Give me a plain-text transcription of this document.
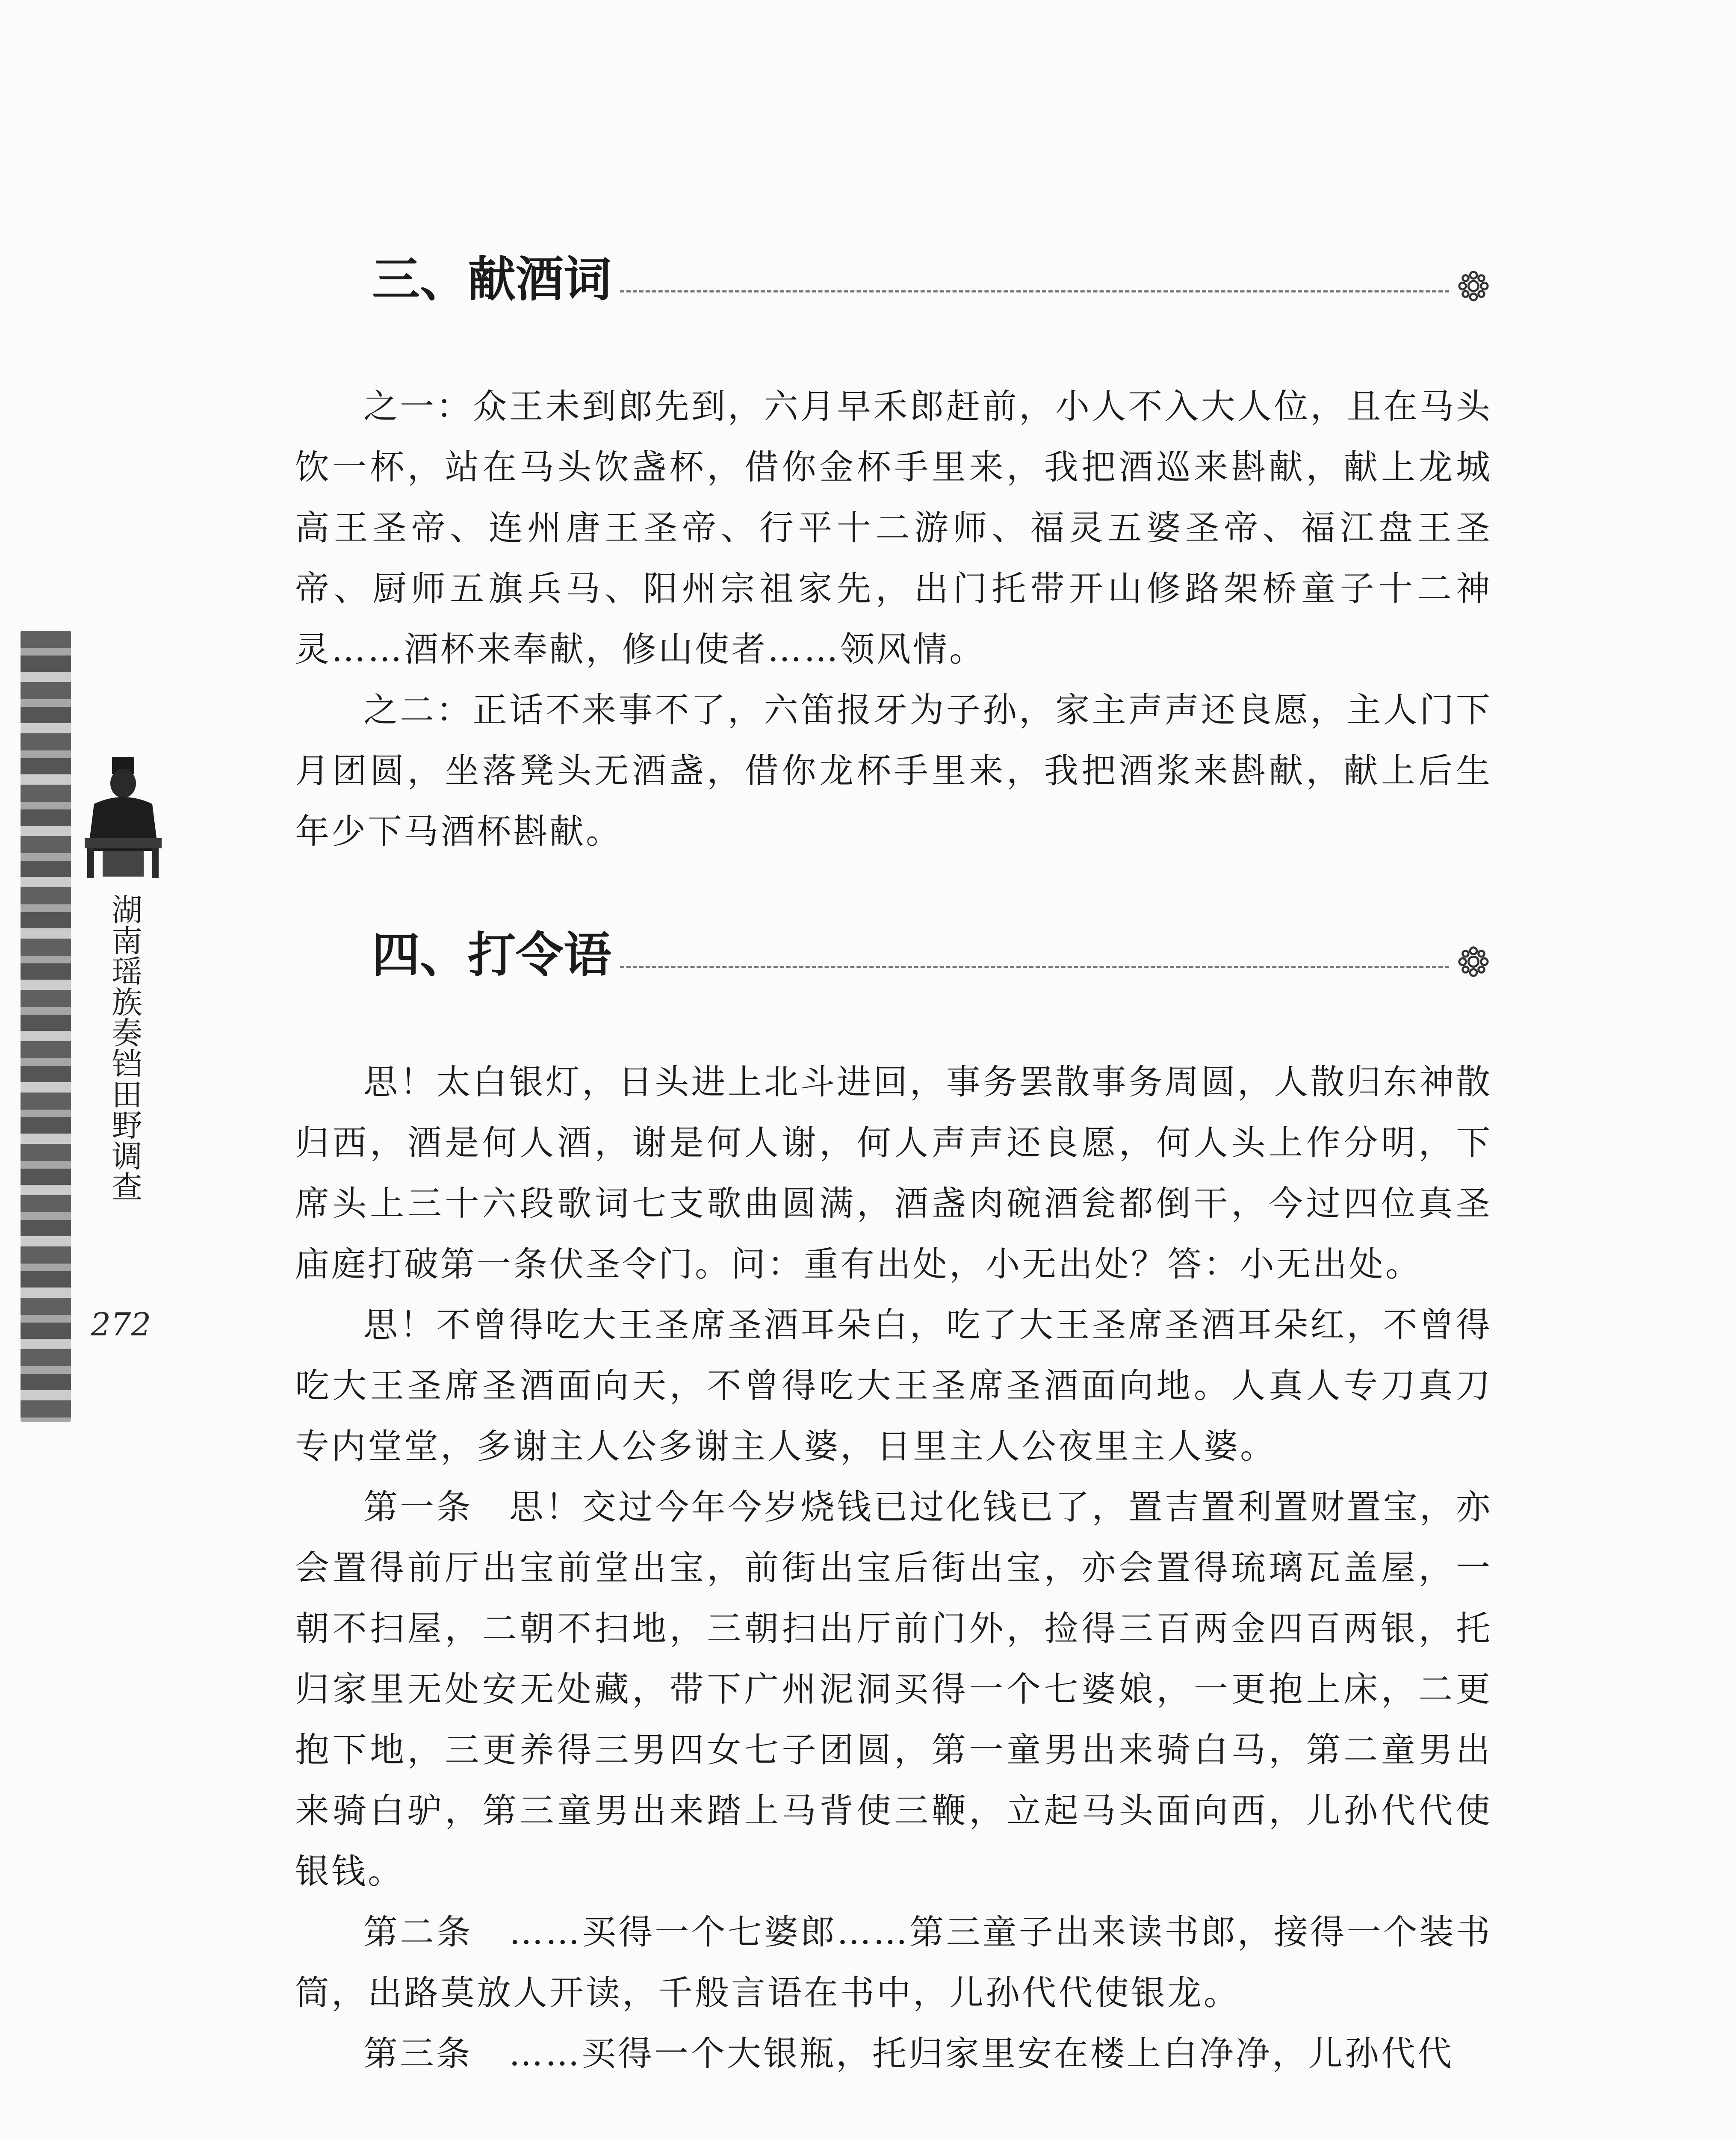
湖南瑶族奏铛田野调查
272
三、献酒词

之一：众王未到郎先到，六月早禾郎赶前，小人不入大人位，且在马头饮一杯，站在马头饮盏杯，借你金杯手里来，我把酒巡来斟献，献上龙城高王圣帝、连州唐王圣帝、行平十二游师、福灵五婆圣帝、福江盘王圣帝、厨师五旗兵马、阳州宗祖家先，出门托带开山修路架桥童子十二神灵……酒杯来奉献，修山使者……领风情。

之二：正话不来事不了，六笛报牙为子孙，家主声声还良愿，主人门下月团圆，坐落凳头无酒盏，借你龙杯手里来，我把酒浆来斟献，献上后生年少下马酒杯斟献。

四、打令语

思！太白银灯，日头进上北斗进回，事务罢散事务周圆，人散归东神散归西，酒是何人酒，谢是何人谢，何人声声还良愿，何人头上作分明，下席头上三十六段歌词七支歌曲圆满，酒盏肉碗酒瓮都倒干，今过四位真圣庙庭打破第一条伏圣令门。问：重有出处，小无出处？答：小无出处。

思！不曾得吃大王圣席圣酒耳朵白，吃了大王圣席圣酒耳朵红，不曾得吃大王圣席圣酒面向天，不曾得吃大王圣席圣酒面向地。人真人专刀真刀专内堂堂，多谢主人公多谢主人婆，日里主人公夜里主人婆。

第一条　思！交过今年今岁烧钱已过化钱已了，置吉置利置财置宝，亦会置得前厅出宝前堂出宝，前街出宝后街出宝，亦会置得琉璃瓦盖屋，一朝不扫屋，二朝不扫地，三朝扫出厅前门外，捡得三百两金四百两银，托归家里无处安无处藏，带下广州泥洞买得一个七婆娘，一更抱上床，二更抱下地，三更养得三男四女七子团圆，第一童男出来骑白马，第二童男出来骑白驴，第三童男出来踏上马背使三鞭，立起马头面向西，儿孙代代使银钱。

第二条　……买得一个七婆郎……第三童子出来读书郎，接得一个装书筒，出路莫放人开读，千般言语在书中，儿孙代代使银龙。

第三条　……买得一个大银瓶，托归家里安在楼上白净净，儿孙代代
